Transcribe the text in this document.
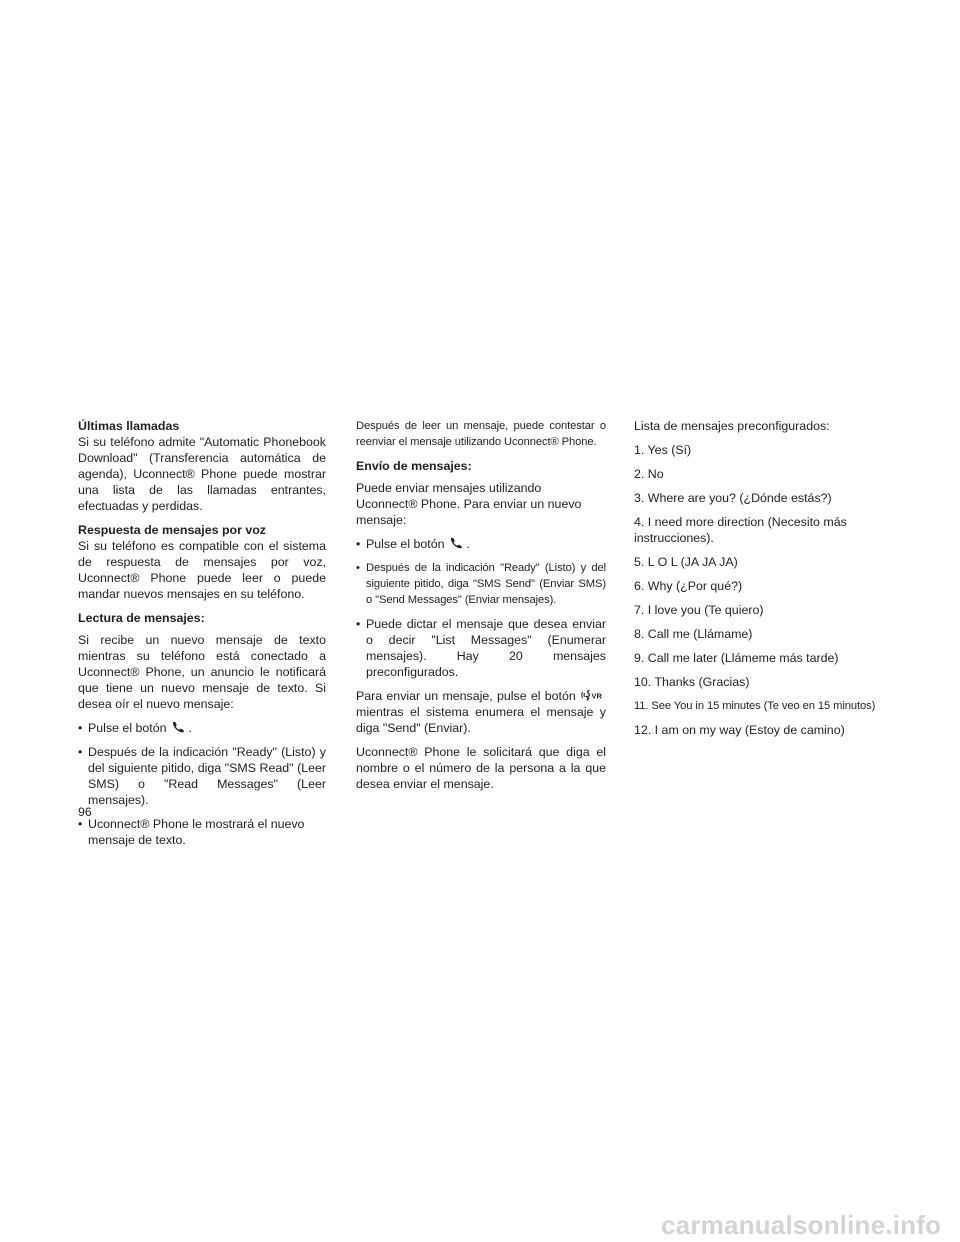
Últimas llamadas
Si su teléfono admite "Automatic Phonebook Download" (Transferencia automática de agenda), Uconnect® Phone puede mostrar una lista de las llamadas entrantes, efectuadas y perdidas.
Respuesta de mensajes por voz
Si su teléfono es compatible con el sistema de respuesta de mensajes por voz, Uconnect® Phone puede leer o puede mandar nuevos mensajes en su teléfono.
Lectura de mensajes:
Si recibe un nuevo mensaje de texto mientras su teléfono está conectado a Uconnect® Phone, un anuncio le notificará que tiene un nuevo mensaje de texto. Si desea oír el nuevo mensaje:
• Pulse el botón .
• Después de la indicación "Ready" (Listo) y del siguiente pitido, diga "SMS Read" (Leer SMS) o "Read Messages" (Leer mensajes).
• Uconnect® Phone le mostrará el nuevo mensaje de texto.
Después de leer un mensaje, puede contestar o reenviar el mensaje utilizando Uconnect® Phone.
Envío de mensajes:
Puede enviar mensajes utilizando Uconnect® Phone. Para enviar un nuevo mensaje:
• Pulse el botón .
• Después de la indicación "Ready" (Listo) y del siguiente pitido, diga "SMS Send" (Enviar SMS) o "Send Messages" (Enviar mensajes).
• Puede dictar el mensaje que desea enviar o decir "List Messages" (Enumerar mensajes). Hay 20 mensajes preconfigurados.
Para enviar un mensaje, pulse el botón VR
mientras el sistema enumera el mensaje y diga "Send" (Enviar).
Uconnect® Phone le solicitará que diga el nombre o el número de la persona a la que desea enviar el mensaje.
Lista de mensajes preconfigurados:
1. Yes (Sí)
2. No
3. Where are you? (¿Dónde estás?)
4. I need more direction (Necesito más instrucciones).
5. L O L (JA JA JA)
6. Why (¿Por qué?)
7. I love you (Te quiero)
8. Call me (Llámame)
9. Call me later (Llámeme más tarde)
10. Thanks (Gracias)
11. See You in 15 minutes (Te veo en 15 minutos)
12. I am on my way (Estoy de camino)
96
carmanualsonline.info
